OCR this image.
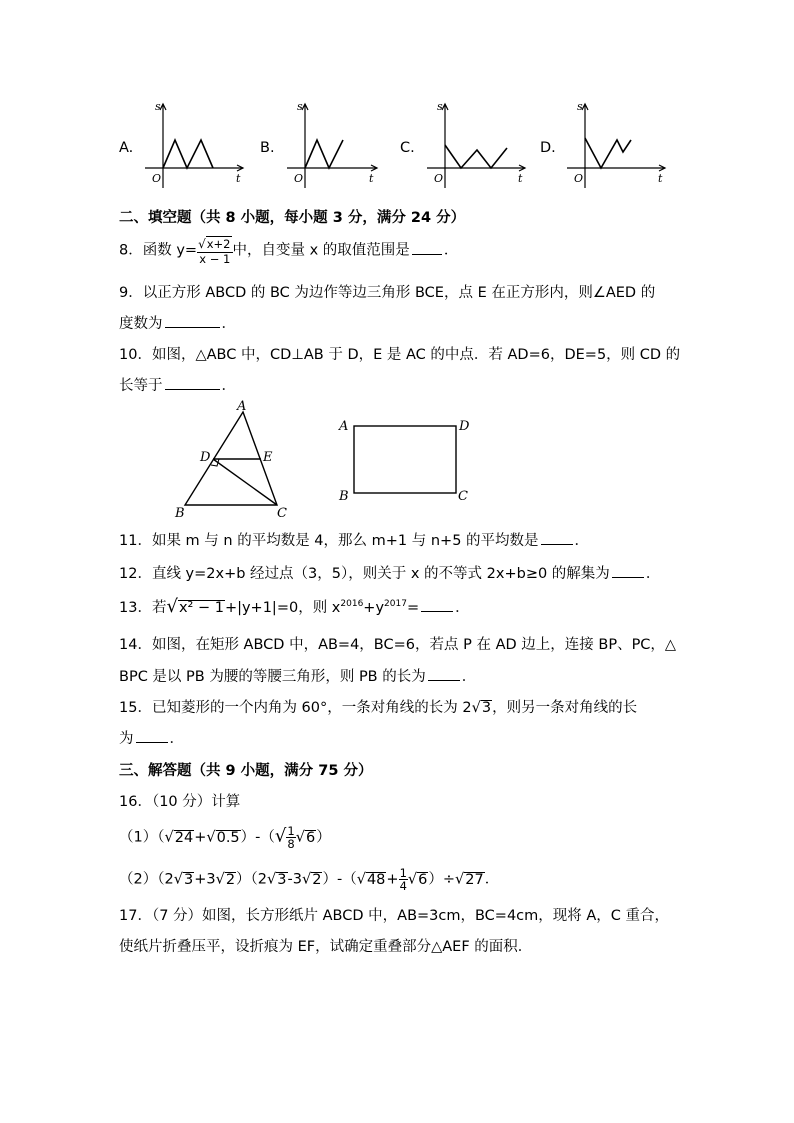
A.
s
t
O
B.
s
t
O
C.
s
t
O
D.
s
t
O
二、填空题（共 8 小题，每小题 3 分，满分 24 分）
8．函数 $y= \frac{√x+2}{x - 1}$ 中，自变量 x 的取值范围是 ．
9．以正方形 ABCD 的 BC 为边作等边三角形 BCE，点 E 在正方形内，则∠AED 的
度数为	．
10．如图，△ABC 中，CD⊥AB 于 D，E 是 AC 的中点．若 AD=6，DE=5，则 CD 的
长等于	．
A
D	E
B	C
A	D
B	C
11．如果 m 与 n 的平均数是 4，那么 m+1 与 n+5 的平均数是 ．
12．直线 y=2x+b 经过点（3，5），则关于 x 的不等式 2x+b≥0 的解集为 ．
13．若√x² − 1+|y+1|=0，则 $x^{2016}+y^{2017}=$ ．
14．如图，在矩形 ABCD 中，AB=4，BC=6，若点 P 在 AD 边上，连接 BP、PC，△
BPC 是以 PB 为腰的等腰三角形，则 PB 的长为 ．
15．已知菱形的一个内角为 60°，一条对角线的长为 2√3，则另一条对角线的长
为 ．
三、解答题（共 9 小题，满分 75 分）
16．（10 分）计算
$(1)(√24+√0.5)-(√ \frac{1}{8} √6)$
$(2)(2√3+3√2)(2√3-3√2)-(√48+ \frac{1}{4} √6)\div√27$．
17．（7 分）如图，长方形纸片 ABCD 中，AB=3cm，BC=4cm，现将 A，C 重合，
使纸片折叠压平，设折痕为 EF，试确定重叠部分△AEF 的面积．
